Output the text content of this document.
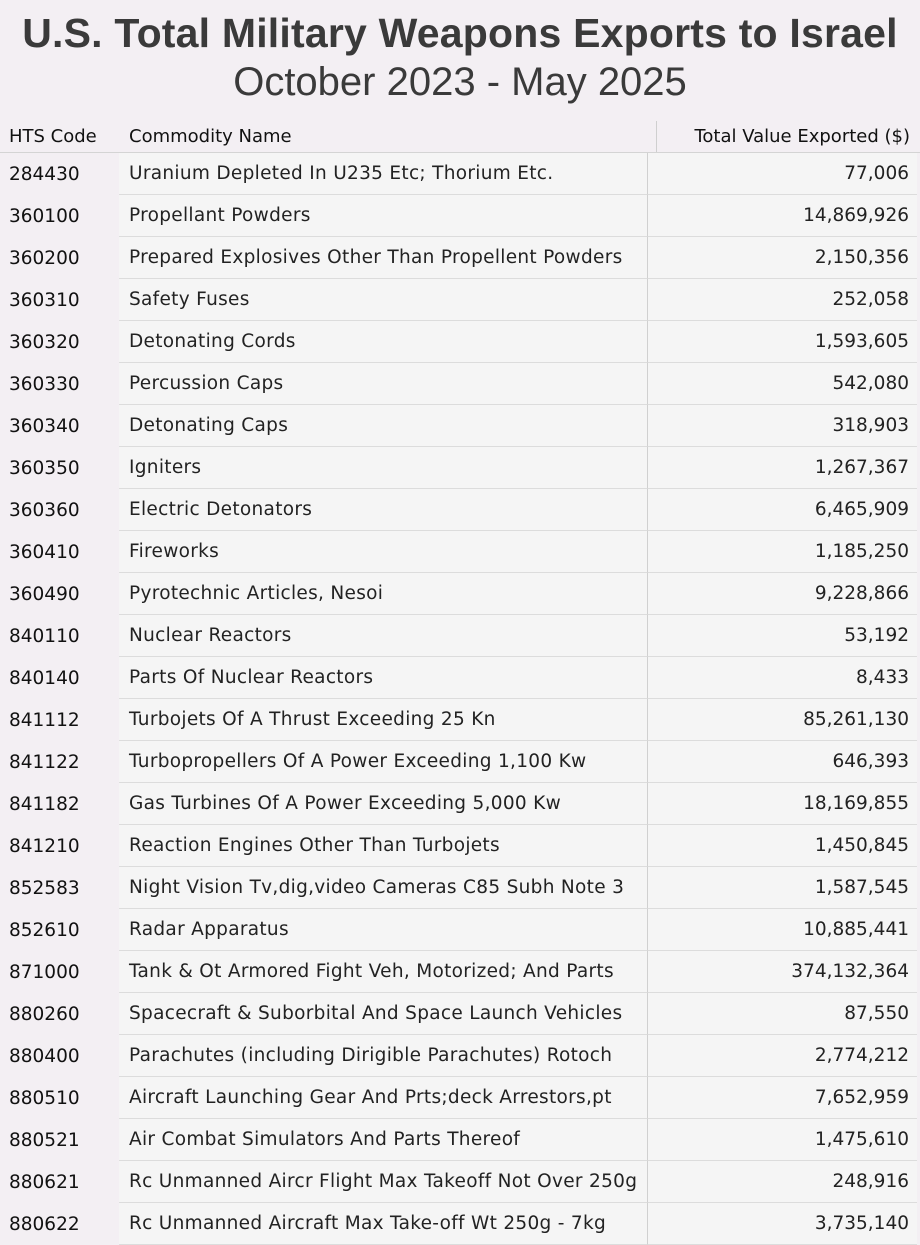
U.S. Total Military Weapons Exports to Israel
October 2023 - May 2025
HTS Code	Commodity Name	Total Value Exported ($)
284430	Uranium Depleted In U235 Etc; Thorium Etc.	77,006
360100	Propellant Powders	14,869,926
360200	Prepared Explosives Other Than Propellent Powders	2,150,356
360310	Safety Fuses	252,058
360320	Detonating Cords	1,593,605
360330	Percussion Caps	542,080
360340	Detonating Caps	318,903
360350	Igniters	1,267,367
360360	Electric Detonators	6,465,909
360410	Fireworks	1,185,250
360490	Pyrotechnic Articles, Nesoi	9,228,866
840110	Nuclear Reactors	53,192
840140	Parts Of Nuclear Reactors	8,433
841112	Turbojets Of A Thrust Exceeding 25 Kn	85,261,130
841122	Turbopropellers Of A Power Exceeding 1,100 Kw	646,393
841182	Gas Turbines Of A Power Exceeding 5,000 Kw	18,169,855
841210	Reaction Engines Other Than Turbojets	1,450,845
852583	Night Vision Tv,dig,video Cameras C85 Subh Note 3	1,587,545
852610	Radar Apparatus	10,885,441
871000	Tank & Ot Armored Fight Veh, Motorized; And Parts	374,132,364
880260	Spacecraft & Suborbital And Space Launch Vehicles	87,550
880400	Parachutes (including Dirigible Parachutes) Rotoch	2,774,212
880510	Aircraft Launching Gear And Prts;deck Arrestors,pt	7,652,959
880521	Air Combat Simulators And Parts Thereof	1,475,610
880621	Rc Unmanned Aircr Flight Max Takeoff Not Over 250g	248,916
880622	Rc Unmanned Aircraft Max Take-off Wt 250g - 7kg	3,735,140
